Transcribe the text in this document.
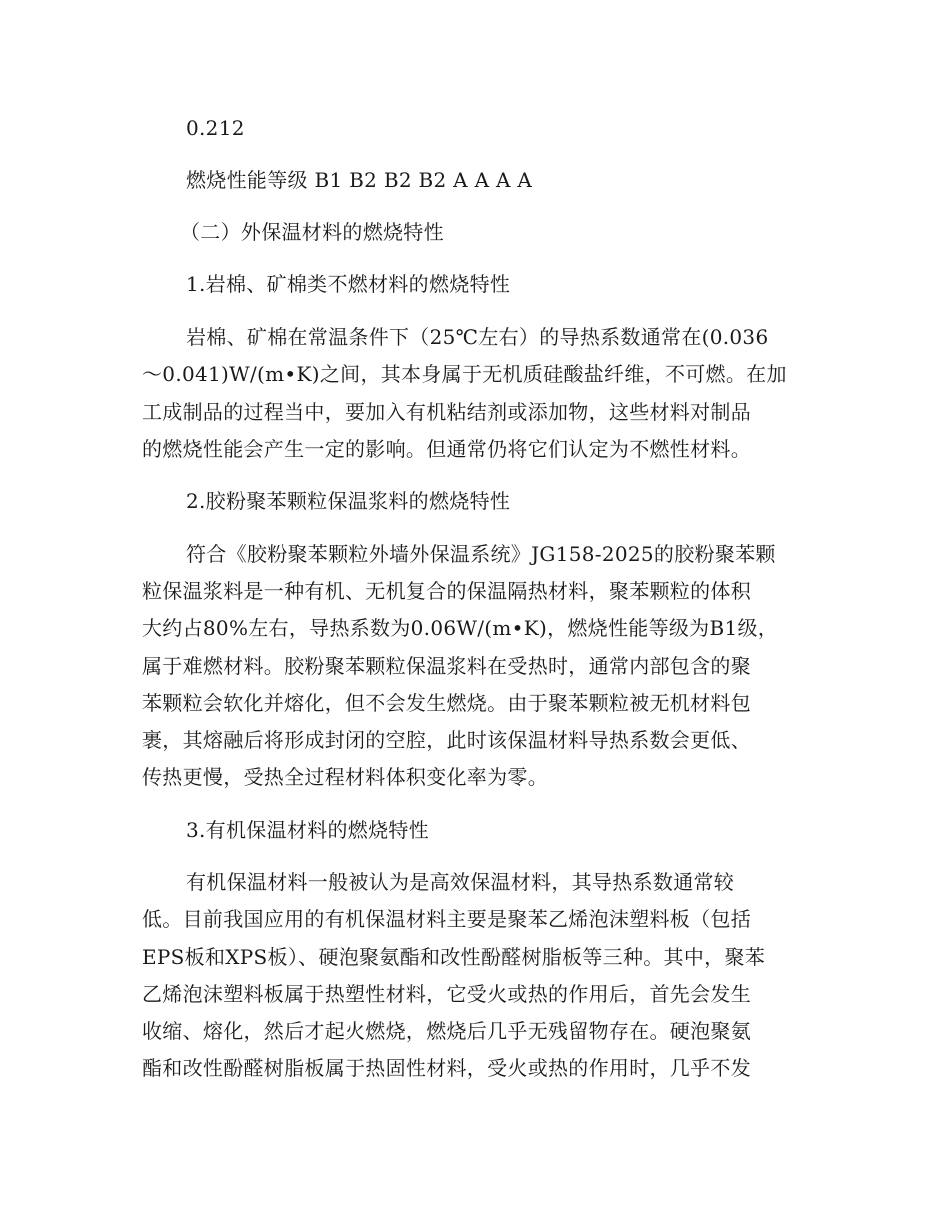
0.212
燃烧性能等级 B1 B2 B2 B2 A A A A
（二）外保温材料的燃烧特性
1.岩棉、矿棉类不燃材料的燃烧特性
岩棉、矿棉在常温条件下（25℃左右）的导热系数通常在(0.036
～0.041)W/(m•K)之间，其本身属于无机质硅酸盐纤维，不可燃。在加
工成制品的过程当中，要加入有机粘结剂或添加物，这些材料对制品
的燃烧性能会产生一定的影响。但通常仍将它们认定为不燃性材料。
2.胶粉聚苯颗粒保温浆料的燃烧特性
符合《胶粉聚苯颗粒外墙外保温系统》JG158-2025的胶粉聚苯颗
粒保温浆料是一种有机、无机复合的保温隔热材料，聚苯颗粒的体积
大约占80%左右，导热系数为0.06W/(m•K)，燃烧性能等级为B1级，
属于难燃材料。胶粉聚苯颗粒保温浆料在受热时，通常内部包含的聚
苯颗粒会软化并熔化，但不会发生燃烧。由于聚苯颗粒被无机材料包
裹，其熔融后将形成封闭的空腔，此时该保温材料导热系数会更低、
传热更慢，受热全过程材料体积变化率为零。
3.有机保温材料的燃烧特性
有机保温材料一般被认为是高效保温材料，其导热系数通常较
低。目前我国应用的有机保温材料主要是聚苯乙烯泡沫塑料板（包括
EPS板和XPS板）、硬泡聚氨酯和改性酚醛树脂板等三种。其中，聚苯
乙烯泡沫塑料板属于热塑性材料，它受火或热的作用后，首先会发生
收缩、熔化，然后才起火燃烧，燃烧后几乎无残留物存在。硬泡聚氨
酯和改性酚醛树脂板属于热固性材料，受火或热的作用时，几乎不发
